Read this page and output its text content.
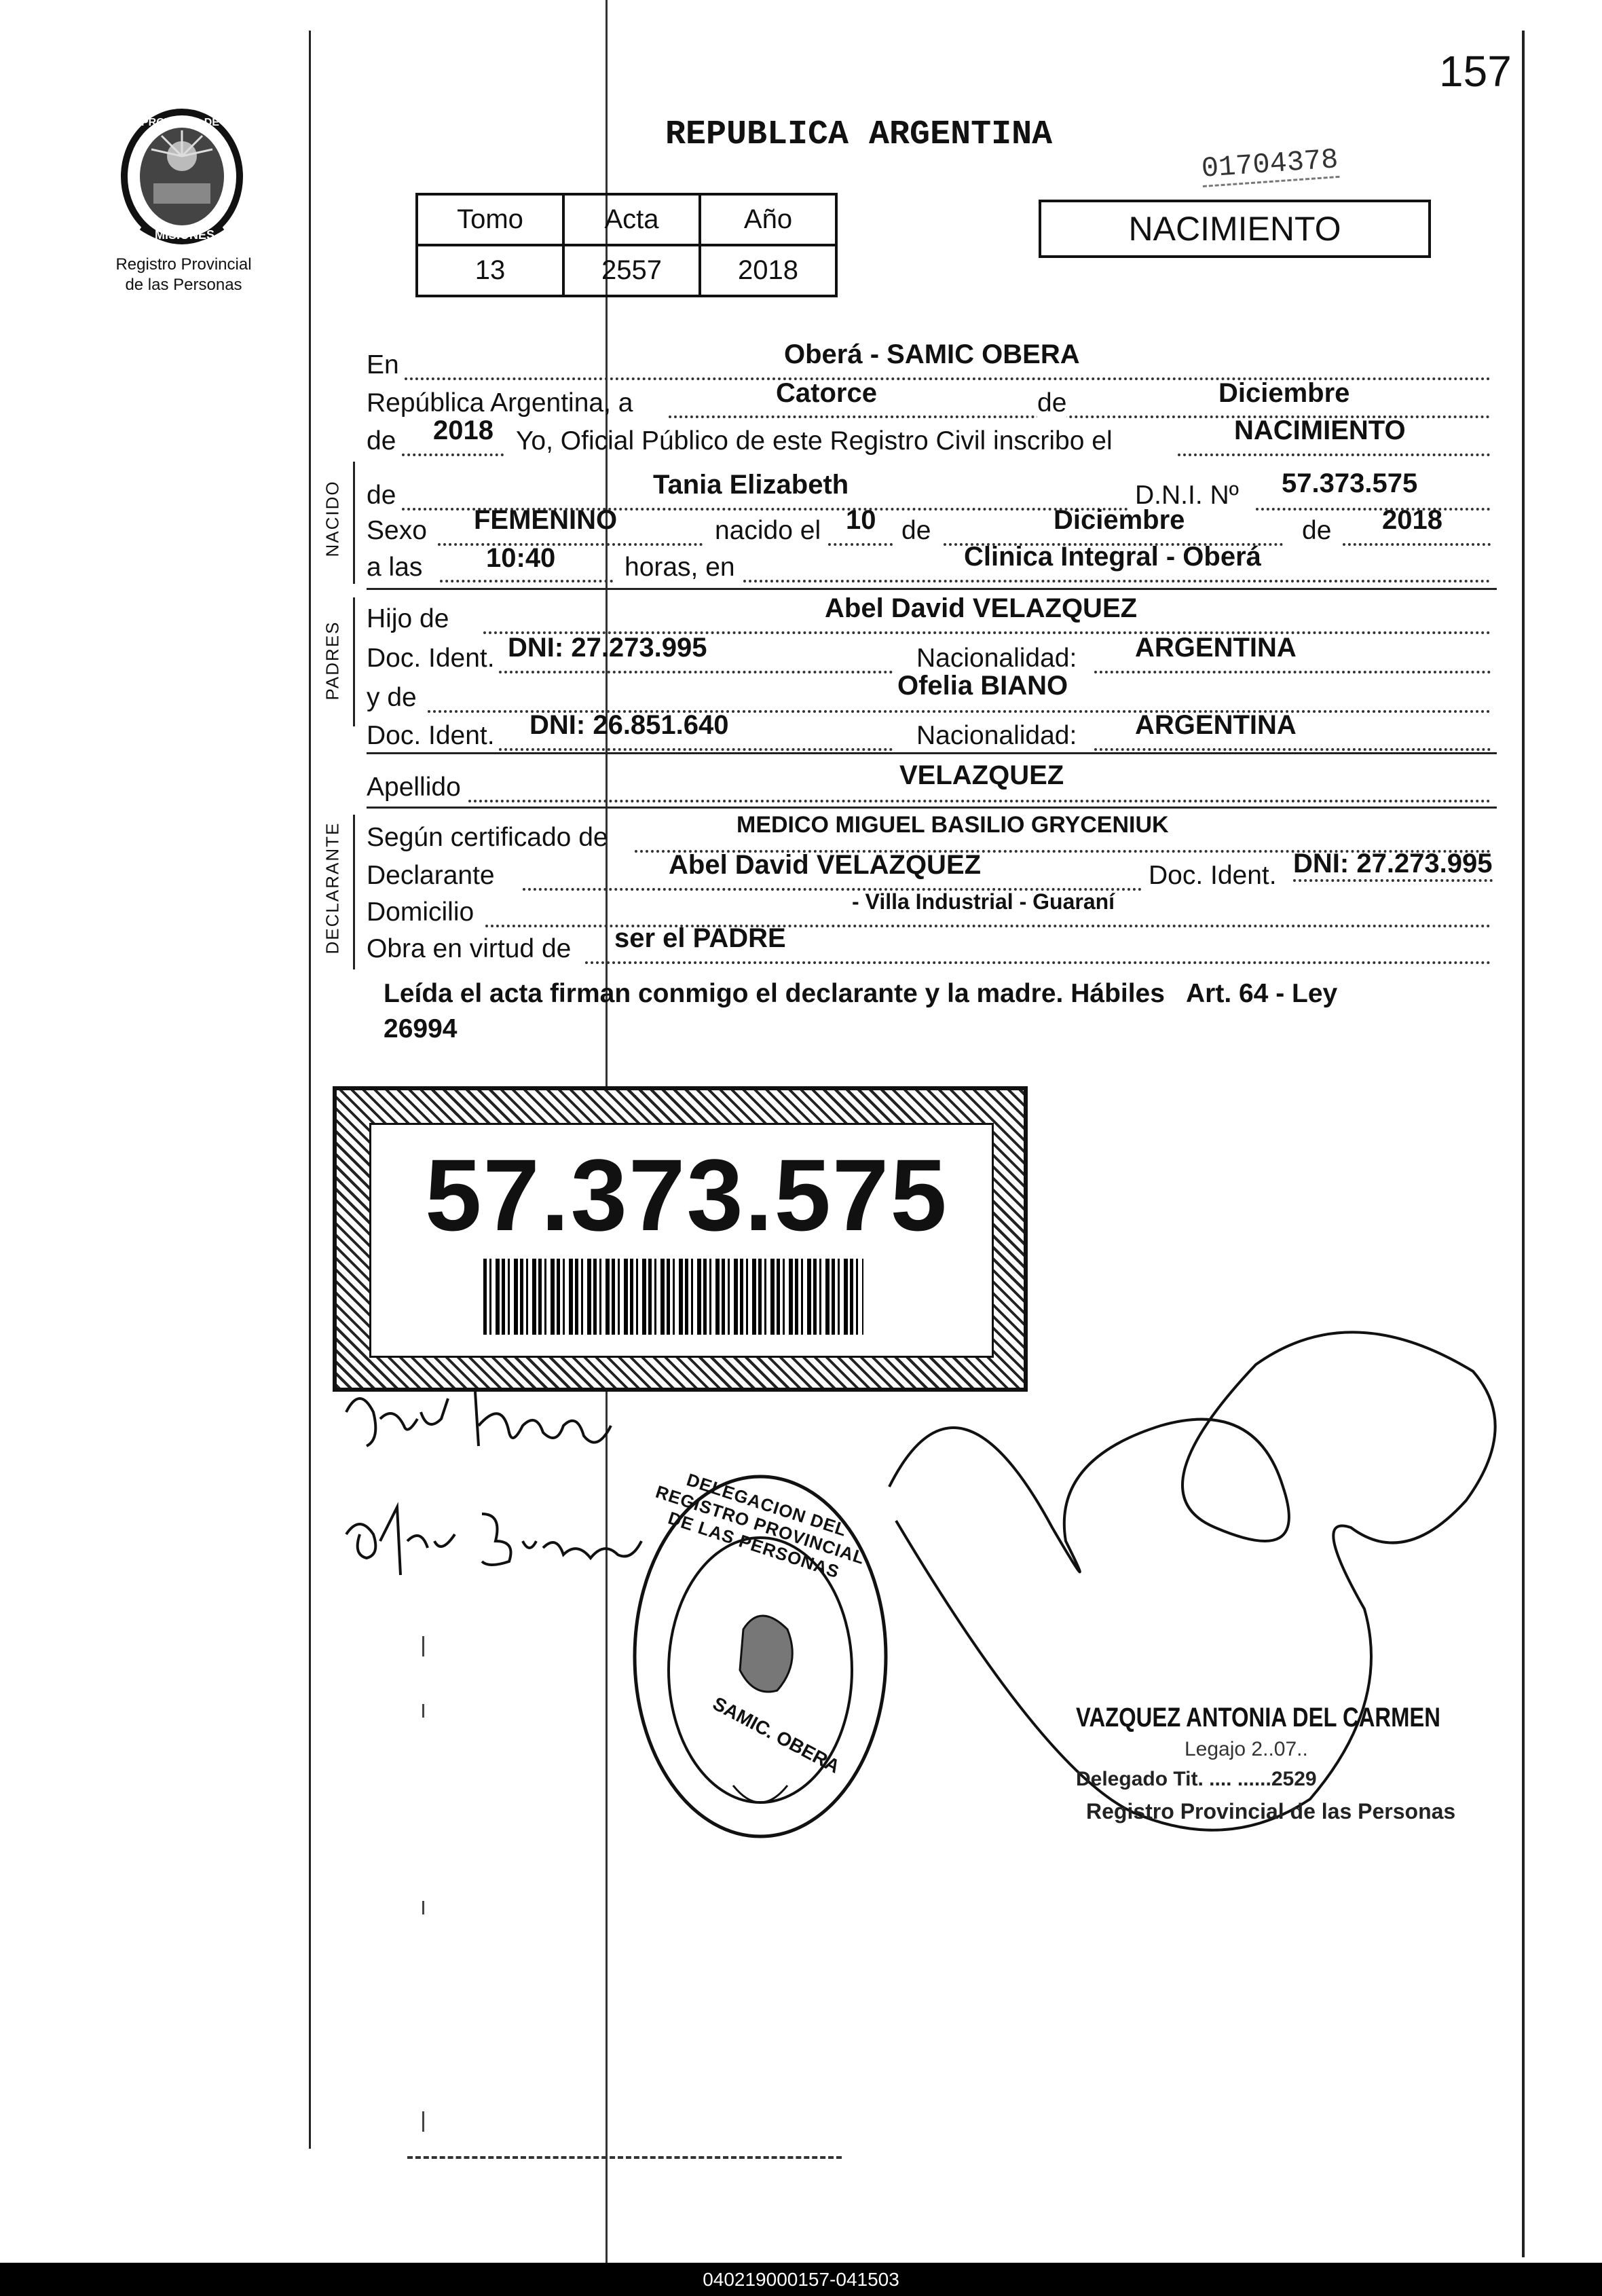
157
PROVINCIA DE
MISIONES
Registro Provincial
de las Personas
REPUBLICA ARGENTINA
01704378
NACIMIENTO
Tomo	Acta	Año
13	2557	2018
En	Oberá - SAMIC OBERA
República Argentina, a	Catorce	de	Diciembre
de 2018 Yo, Oficial Público de este Registro Civil inscribo el	NACIMIENTO
NACIDO de	Tania Elizabeth	D.N.I. Nº 57.373.575
Sexo FEMENINO	nacido el 10 de	Diciembre	de 2018
a las 10:40	horas, en	Clinica Integral - Oberá
PADRES
Hijo de	Abel David VELAZQUEZ
Doc. Ident. DNI: 27.273.995	Nacionalidad: ARGENTINA
y de	Ofelia BIANO
Doc. Ident. DNI: 26.851.640	Nacionalidad: ARGENTINA
Apellido	VELAZQUEZ
DECLARANTE Según certificado de	MEDICO MIGUEL BASILIO GRYCENIUK
Declarante	Abel David VELAZQUEZ	Doc. Ident. DNI: 27.273.995
Domicilio	- Villa Industrial - Guaraní
Obra en virtud de ser el PADRE
Leída el acta firman conmigo el declarante y la madre. Hábiles   Art. 64 - Ley
26994
57.373.575
DELEGACION DEL REGISTRO PROVINCIAL DE LAS PERSONAS
SAMIC. OBERA	VAZQUEZ ANTONIA DEL CARMEN
Legajo 2..07..
Delegado Tit. .... ......2529
Registro Provincial de las Personas
040219000157-041503
